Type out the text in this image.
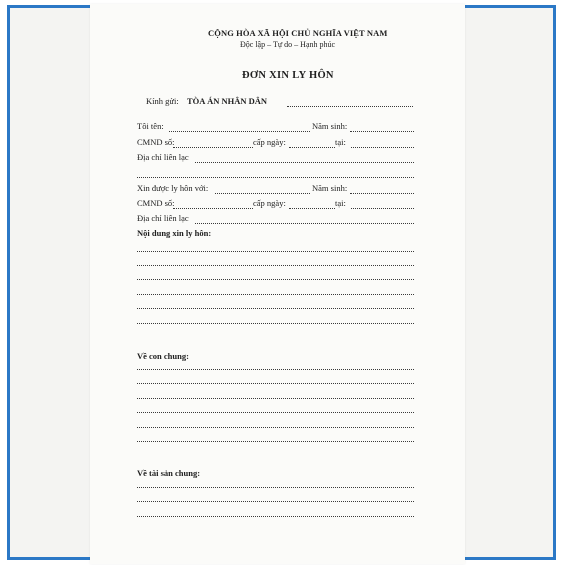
CỘNG HÒA XÃ HỘI CHỦ NGHĨA VIỆT NAM
Độc lập – Tự do – Hạnh phúc
ĐƠN XIN LY HÔN
Kính gửi: TÒA ÁN NHÂN DÂN
Tôi tên:	Năm sinh:
CMND số:	cấp ngày:	tại:
Địa chỉ liên lạc
Xin được ly hôn với:	Năm sinh:
CMND số:	cấp ngày:	tại:
Địa chỉ liên lạc
Nội dung xin ly hôn:
Về con chung:
Về tài sản chung:
